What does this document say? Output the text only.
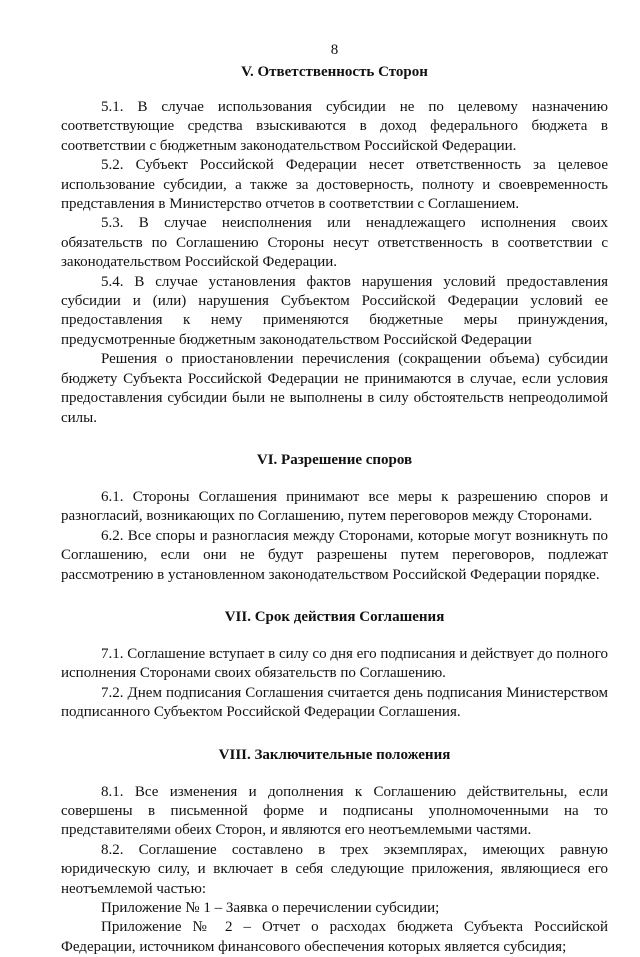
8
V. Ответственность Сторон

5.1. В случае использования субсидии не по целевому назначению соответствующие средства взыскиваются в доход федерального бюджета в соответствии с бюджетным законодательством Российской Федерации.

5.2. Субъект Российской Федерации несет ответственность за целевое использование субсидии, а также за достоверность, полноту и своевременность представления в Министерство отчетов в соответствии с Соглашением.

5.3. В случае неисполнения или ненадлежащего исполнения своих обязательств по Соглашению Стороны несут ответственность в соответствии с законодательством Российской Федерации.

5.4. В случае установления фактов нарушения условий предоставления субсидии и (или) нарушения Субъектом Российской Федерации условий ее предоставления к нему применяются бюджетные меры принуждения, предусмотренные бюджетным законодательством Российской Федерации

Решения о приостановлении перечисления (сокращении объема) субсидии бюджету Субъекта Российской Федерации не принимаются в случае, если условия предоставления субсидии были не выполнены в силу обстоятельств непреодолимой силы.

VI. Разрешение споров

6.1. Стороны Соглашения принимают все меры к разрешению споров и разногласий, возникающих по Соглашению, путем переговоров между Сторонами.

6.2. Все споры и разногласия между Сторонами, которые могут возникнуть по Соглашению, если они не будут разрешены путем переговоров, подлежат рассмотрению в установленном законодательством Российской Федерации порядке.

VII. Срок действия Соглашения

7.1. Соглашение вступает в силу со дня его подписания и действует до полного исполнения Сторонами своих обязательств по Соглашению.

7.2. Днем подписания Соглашения считается день подписания Министерством подписанного Субъектом Российской Федерации Соглашения.

VIII. Заключительные положения

8.1. Все изменения и дополнения к Соглашению действительны, если совершены в письменной форме и подписаны уполномоченными на то представителями обеих Сторон, и являются его неотъемлемыми частями.

8.2. Соглашение составлено в трех экземплярах, имеющих равную юридическую силу, и включает в себя следующие приложения, являющиеся его неотъемлемой частью:

Приложение № 1 – Заявка о перечислении субсидии;

Приложение № 2 – Отчет о расходах бюджета Субъекта Российской Федерации, источником финансового обеспечения которых является субсидия;
